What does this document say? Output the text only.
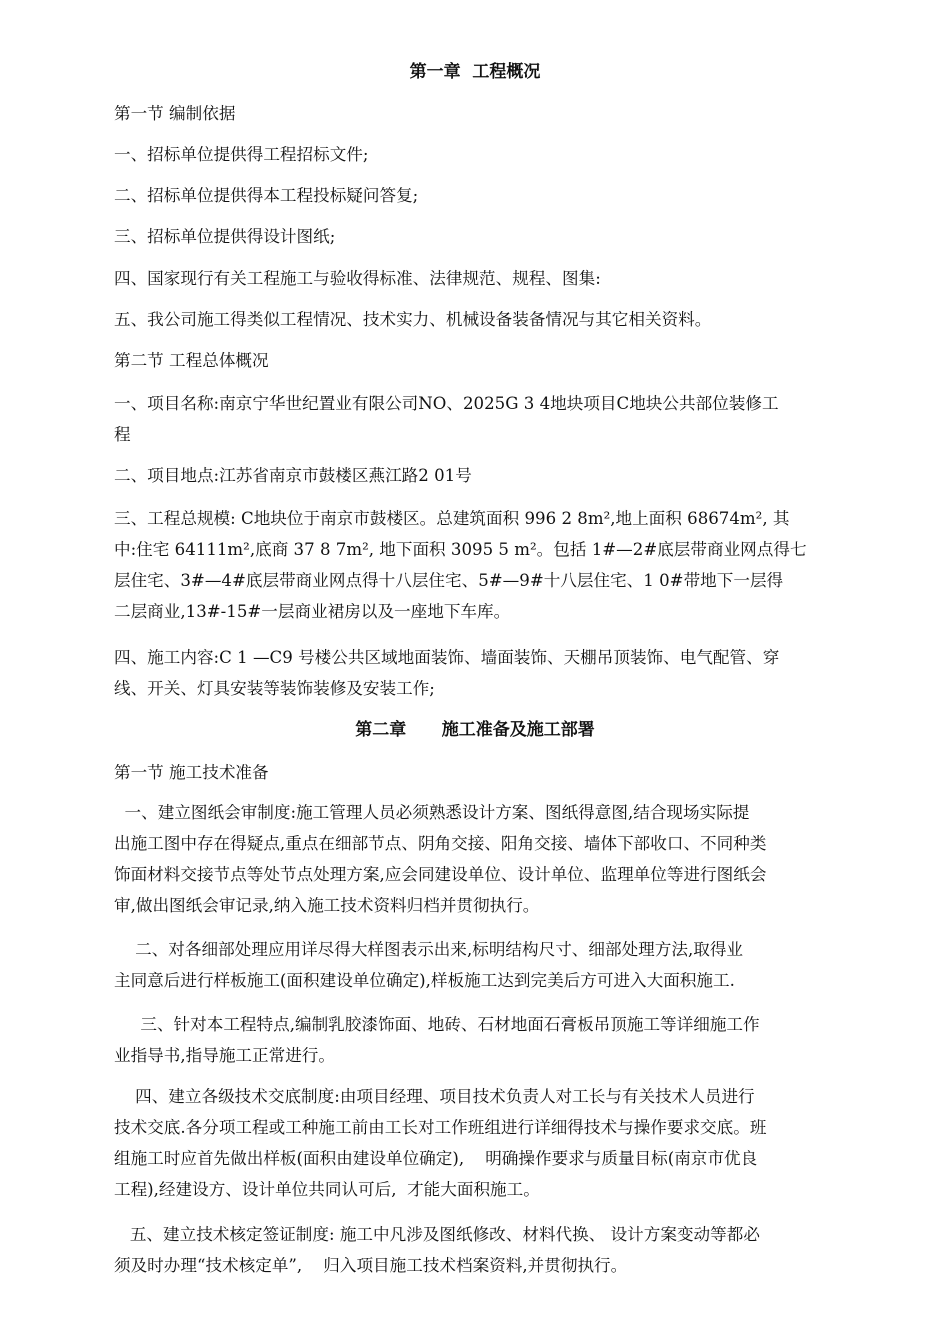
第一章  工程概况
第一节 编制依据
一、招标单位提供得工程招标文件;
二、招标单位提供得本工程投标疑问答复;
三、招标单位提供得设计图纸;
四、国家现行有关工程施工与验收得标准、法律规范、规程、图集:
五、我公司施工得类似工程情况、技术实力、机械设备装备情况与其它相关资料。
第二节 工程总体概况
一、项目名称:南京宁华世纪置业有限公司NO、2025G 3 4地块项目C地块公共部位装修工
程
二、项目地点:江苏省南京市鼓楼区燕江路2 01号
三、工程总规模: C地块位于南京市鼓楼区。总建筑面积 996 2 8m²,地上面积 68674m², 其
中:住宅 64111m²,底商 37 8 7m², 地下面积 3095 5 m²。包括 1#—2#底层带商业网点得七
层住宅、3#—4#底层带商业网点得十八层住宅、5#—9#十八层住宅、1 0#带地下一层得
二层商业,13#-15#一层商业裙房以及一座地下车库。
四、施工内容:C 1 —C9 号楼公共区域地面装饰、墙面装饰、天棚吊顶装饰、电气配管、穿
线、开关、灯具安装等装饰装修及安装工作;
第二章      施工准备及施工部署
第一节 施工技术准备
一、建立图纸会审制度:施工管理人员必须熟悉设计方案、图纸得意图,结合现场实际提
出施工图中存在得疑点,重点在细部节点、阴角交接、阳角交接、墙体下部收口、不同种类
饰面材料交接节点等处节点处理方案,应会同建设单位、设计单位、监理单位等进行图纸会
审,做出图纸会审记录,纳入施工技术资料归档并贯彻执行。
二、对各细部处理应用详尽得大样图表示出来,标明结构尺寸、细部处理方法,取得业
主同意后进行样板施工(面积建设单位确定),样板施工达到完美后方可进入大面积施工.
三、针对本工程特点,编制乳胶漆饰面、地砖、石材地面石膏板吊顶施工等详细施工作
业指导书,指导施工正常进行。
四、建立各级技术交底制度:由项目经理、项目技术负责人对工长与有关技术人员进行
技术交底.各分项工程或工种施工前由工长对工作班组进行详细得技术与操作要求交底。班
组施工时应首先做出样板(面积由建设单位确定),    明确操作要求与质量目标(南京市优良
工程),经建设方、设计单位共同认可后,  才能大面积施工。
五、建立技术核定签证制度: 施工中凡涉及图纸修改、材料代换、 设计方案变动等都必
须及时办理“技术核定单”,    归入项目施工技术档案资料,并贯彻执行。
